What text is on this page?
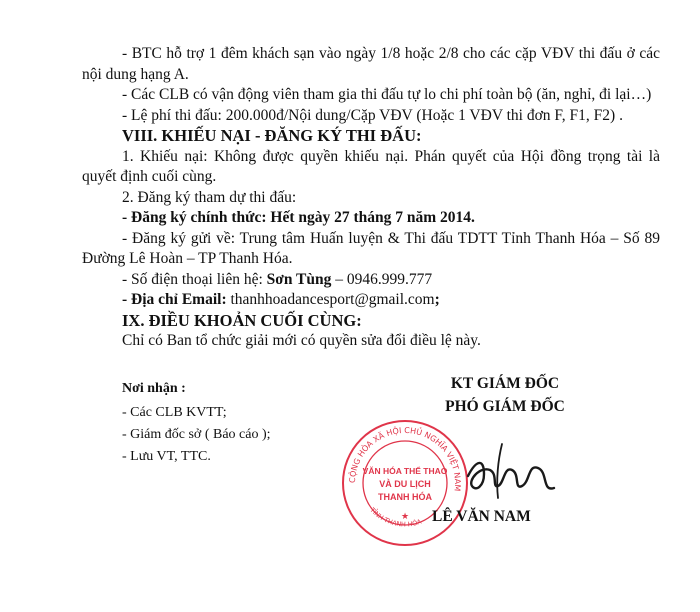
- BTC hỗ trợ 1 đêm khách sạn vào ngày 1/8 hoặc 2/8 cho các cặp VĐV thi đấu ở các nội dung hạng A.

- Các CLB có vận động viên tham gia thi đấu tự lo chi phí toàn bộ (ăn, nghỉ, đi lại…)

- Lệ phí thi đấu: 200.000đ/Nội dung/Cặp VĐV (Hoặc 1 VĐV thi đơn F, F1, F2) .

VIII. KHIẾU NẠI - ĐĂNG KÝ THI ĐẤU:

1. Khiếu nại: Không được quyền khiếu nại. Phán quyết của Hội đồng trọng tài là quyết định cuối cùng.

2. Đăng ký tham dự thi đấu:

- Đăng ký chính thức: Hết ngày 27 tháng 7 năm 2014.

- Đăng ký gửi về: Trung tâm Huấn luyện & Thi đấu TDTT Tỉnh Thanh Hóa – Số 89 Đường Lê Hoàn – TP Thanh Hóa.

- Số điện thoại liên hệ: Sơn Tùng – 0946.999.777

- Địa chỉ Email: thanhhoadancesport@gmail.com;

IX. ĐIỀU KHOẢN CUỐI CÙNG:

Chỉ có Ban tổ chức giải mới có quyền sửa đổi điều lệ này.

Nơi nhận :
- Các CLB KVTT;
- Giám đốc sở ( Báo cáo );
- Lưu VT, TTC.
KT GIÁM ĐỐC
PHÓ GIÁM ĐỐC
CỘNG HÒA XÃ HỘI CHỦ NGHĨA VIỆT NAM
TỈNH THANH HÓA
VĂN HÓA THỂ THAO
VÀ DU LỊCH
THANH HÓA
★ LÊ VĂN NAM
